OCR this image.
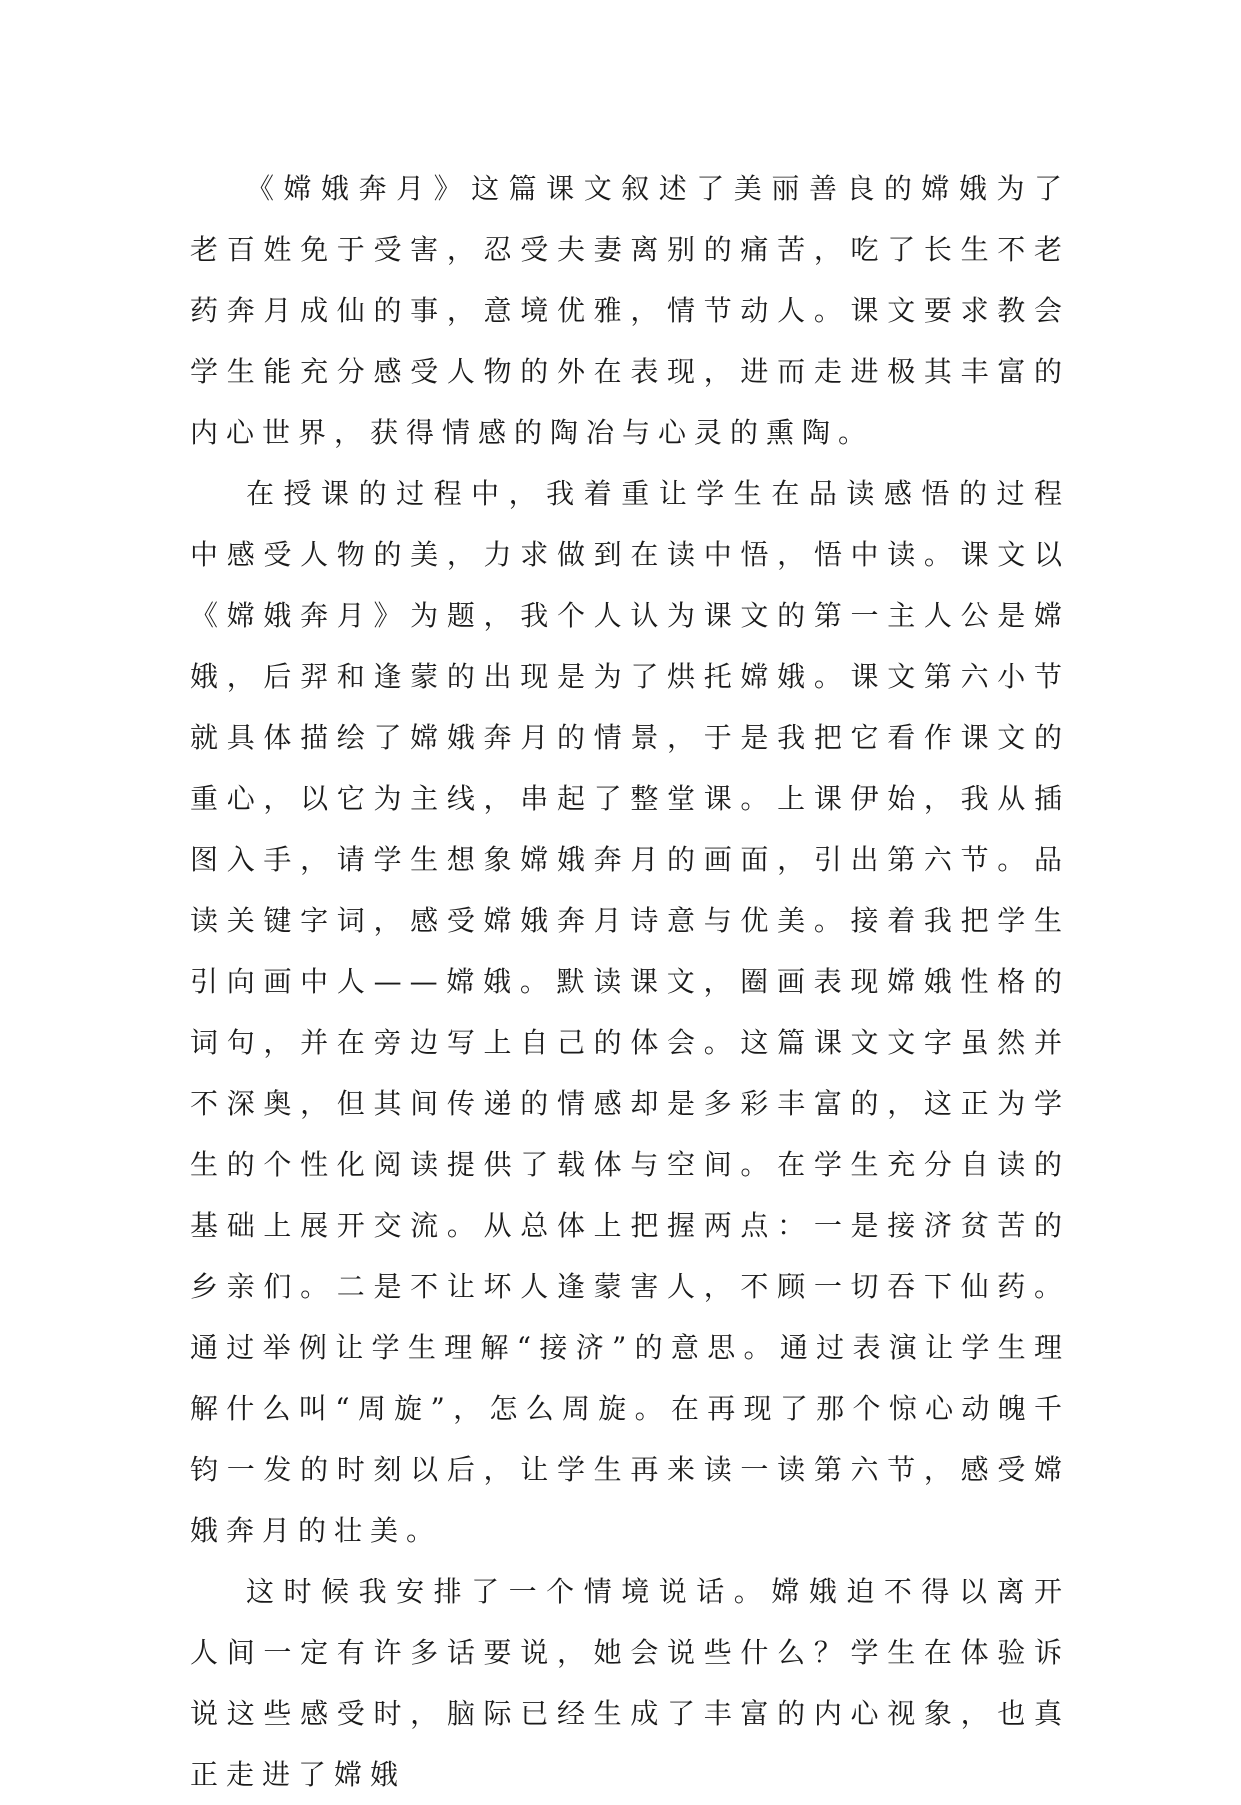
《嫦娥奔月》这篇课文叙述了美丽善良的嫦娥为了老百姓免于受害，忍受夫妻离别的痛苦，吃了长生不老药奔月成仙的事，意境优雅，情节动人。课文要求教会学生能充分感受人物的外在表现，进而走进极其丰富的内心世界，获得情感的陶冶与心灵的熏陶。

在授课的过程中，我着重让学生在品读感悟的过程中感受人物的美，力求做到在读中悟，悟中读。课文以《嫦娥奔月》为题，我个人认为课文的第一主人公是嫦娥，后羿和逢蒙的出现是为了烘托嫦娥。课文第六小节就具体描绘了嫦娥奔月的情景，于是我把它看作课文的重心，以它为主线，串起了整堂课。上课伊始，我从插图入手，请学生想象嫦娥奔月的画面，引出第六节。品读关键字词，感受嫦娥奔月诗意与优美。接着我把学生引向画中人——嫦娥。默读课文，圈画表现嫦娥性格的词句，并在旁边写上自己的体会。这篇课文文字虽然并不深奥，但其间传递的情感却是多彩丰富的，这正为学生的个性化阅读提供了载体与空间。在学生充分自读的基础上展开交流。从总体上把握两点：一是接济贫苦的乡亲们。二是不让坏人逢蒙害人，不顾一切吞下仙药。通过举例让学生理解“接济”的意思。通过表演让学生理解什么叫“周旋”，怎么周旋。在再现了那个惊心动魄千钧一发的时刻以后，让学生再来读一读第六节，感受嫦娥奔月的壮美。

这时候我安排了一个情境说话。嫦娥迫不得以离开人间一定有许多话要说，她会说些什么？学生在体验诉说这些感受时，脑际已经生成了丰富的内心视象，也真正走进了嫦娥
